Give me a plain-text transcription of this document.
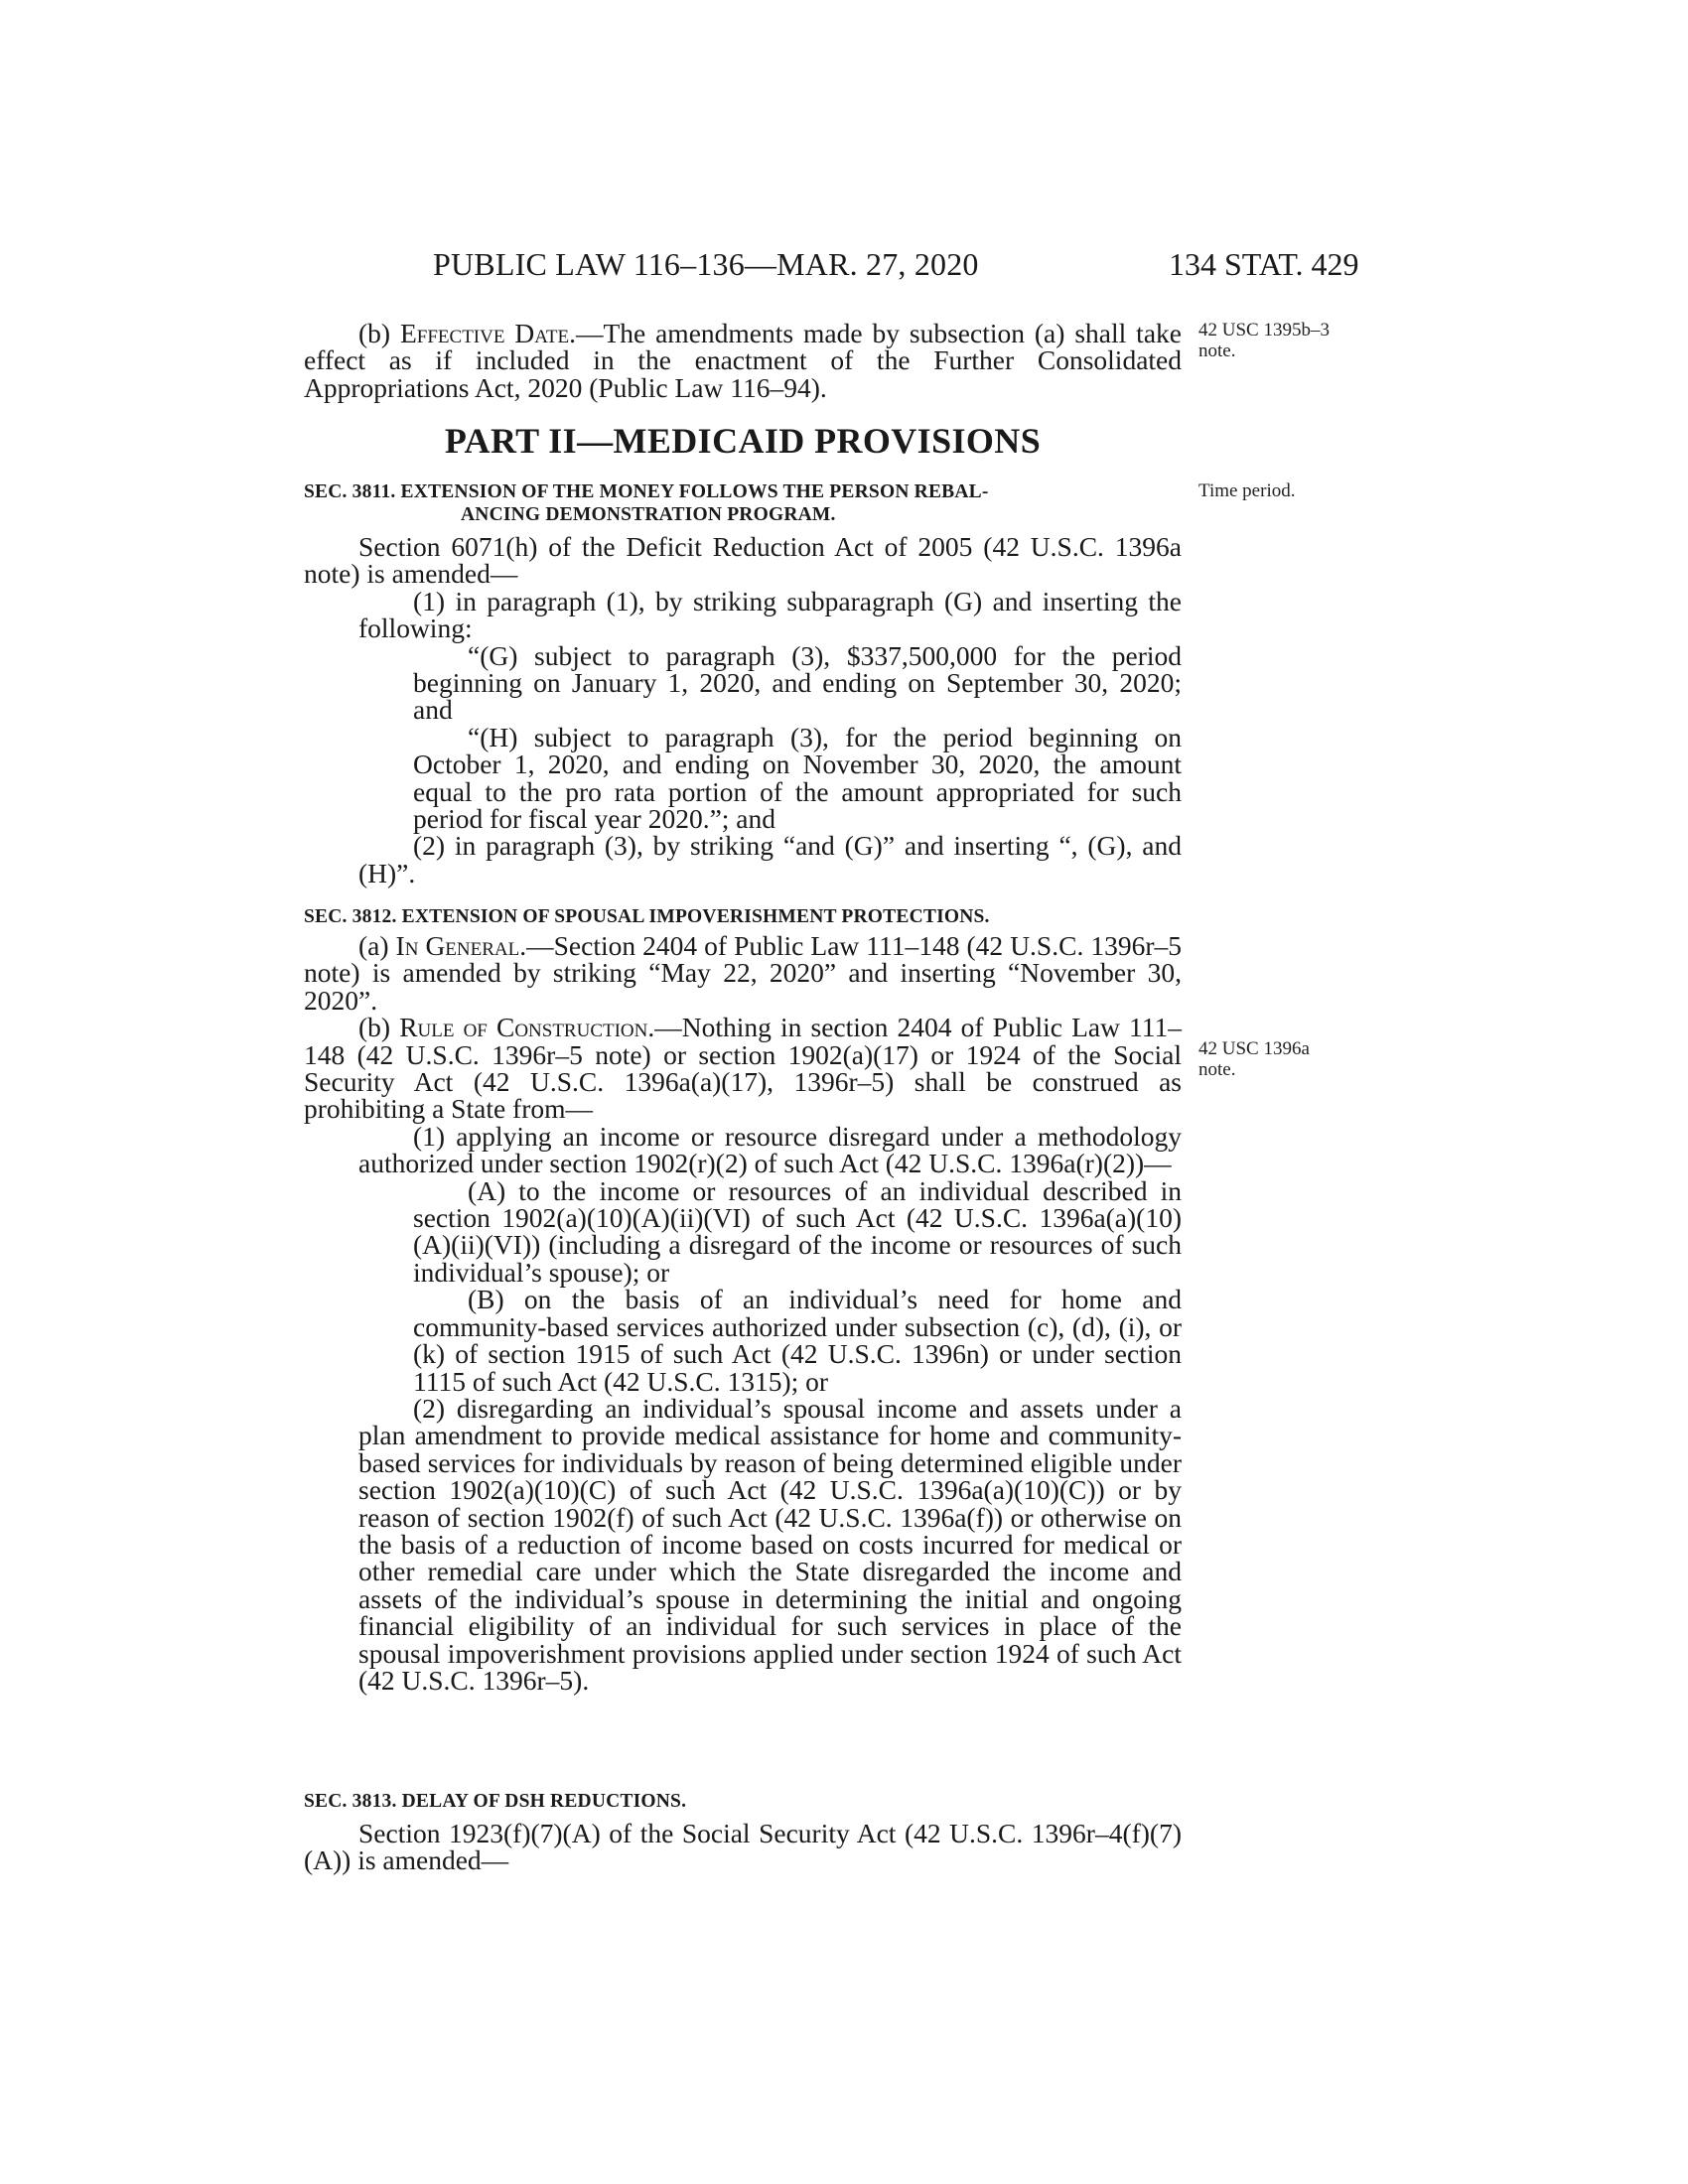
PUBLIC LAW 116–136—MAR. 27, 2020	134 STAT. 429
42 USC 1395b–3
note.
Time period.
42 USC 1396a
note.

(b) Effective Date.—The amendments made by subsection (a) shall take effect as if included in the enactment of the Further Consolidated Appropriations Act, 2020 (Public Law 116–94).

PART II—MEDICAID PROVISIONS
SEC. 3811. EXTENSION OF THE MONEY FOLLOWS THE PERSON REBAL-
ANCING DEMONSTRATION PROGRAM.

Section 6071(h) of the Deficit Reduction Act of 2005 (42 U.S.C. 1396a note) is amended—

(1) in paragraph (1), by striking subparagraph (G) and inserting the following:

“(G) subject to paragraph (3), $337,500,000 for the period beginning on January 1, 2020, and ending on September 30, 2020; and

“(H) subject to paragraph (3), for the period beginning on October 1, 2020, and ending on November 30, 2020, the amount equal to the pro rata portion of the amount appropriated for such period for fiscal year 2020.”; and

(2) in paragraph (3), by striking “and (G)” and inserting “, (G), and (H)”.

SEC. 3812. EXTENSION OF SPOUSAL IMPOVERISHMENT PROTECTIONS.

(a) In General.—Section 2404 of Public Law 111–148 (42 U.S.C. 1396r–5 note) is amended by striking “May 22, 2020” and inserting “November 30, 2020”.

(b) Rule of Construction.—Nothing in section 2404 of Public Law 111–148 (42 U.S.C. 1396r–5 note) or section 1902(a)(17) or 1924 of the Social Security Act (42 U.S.C. 1396a(a)(17), 1396r–5) shall be construed as prohibiting a State from—

(1) applying an income or resource disregard under a methodology authorized under section 1902(r)(2) of such Act (42 U.S.C. 1396a(r)(2))—

(A) to the income or resources of an individual described in section 1902(a)(10)(A)(ii)(VI) of such Act (42 U.S.C. 1396a(a)(10)(A)(ii)(VI)) (including a disregard of the income or resources of such individual’s spouse); or

(B) on the basis of an individual’s need for home and community-based services authorized under subsection (c), (d), (i), or (k) of section 1915 of such Act (42 U.S.C. 1396n) or under section 1115 of such Act (42 U.S.C. 1315); or

(2) disregarding an individual’s spousal income and assets under a plan amendment to provide medical assistance for home and community-based services for individuals by reason of being determined eligible under section 1902(a)(10)(C) of such Act (42 U.S.C. 1396a(a)(10)(C)) or by reason of section 1902(f) of such Act (42 U.S.C. 1396a(f)) or otherwise on the basis of a reduction of income based on costs incurred for medical or other remedial care under which the State disregarded the income and assets of the individual’s spouse in determining the initial and ongoing financial eligibility of an individual for such services in place of the spousal impoverishment provisions applied under section 1924 of such Act (42 U.S.C. 1396r–5).

SEC. 3813. DELAY OF DSH REDUCTIONS.

Section 1923(f)(7)(A) of the Social Security Act (42 U.S.C. 1396r–4(f)(7)(A)) is amended—
